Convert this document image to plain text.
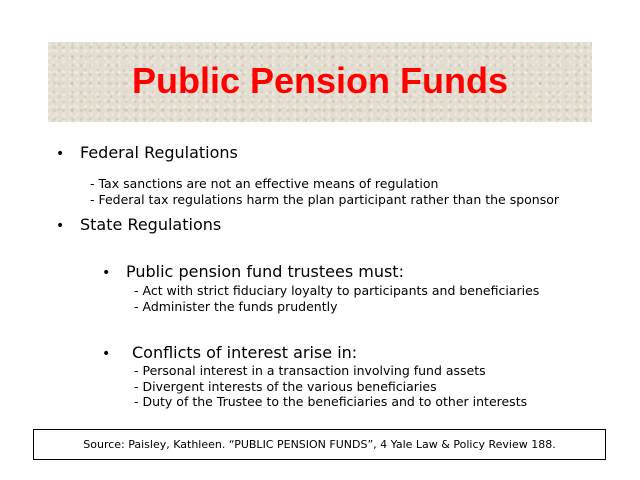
Public Pension Funds
• Federal Regulations
- Tax sanctions are not an effective means of regulation
- Federal tax regulations harm the plan participant rather than the sponsor
• State Regulations
• Public pension fund trustees must:
- Act with strict fiduciary loyalty to participants and beneficiaries
- Administer the funds prudently
•	Conflicts of interest arise in:
- Personal interest in a transaction involving fund assets
- Divergent interests of the various beneficiaries
- Duty of the Trustee to the beneficiaries and to other interests
Source: Paisley, Kathleen. “PUBLIC PENSION FUNDS”, 4 Yale Law & Policy Review 188.
